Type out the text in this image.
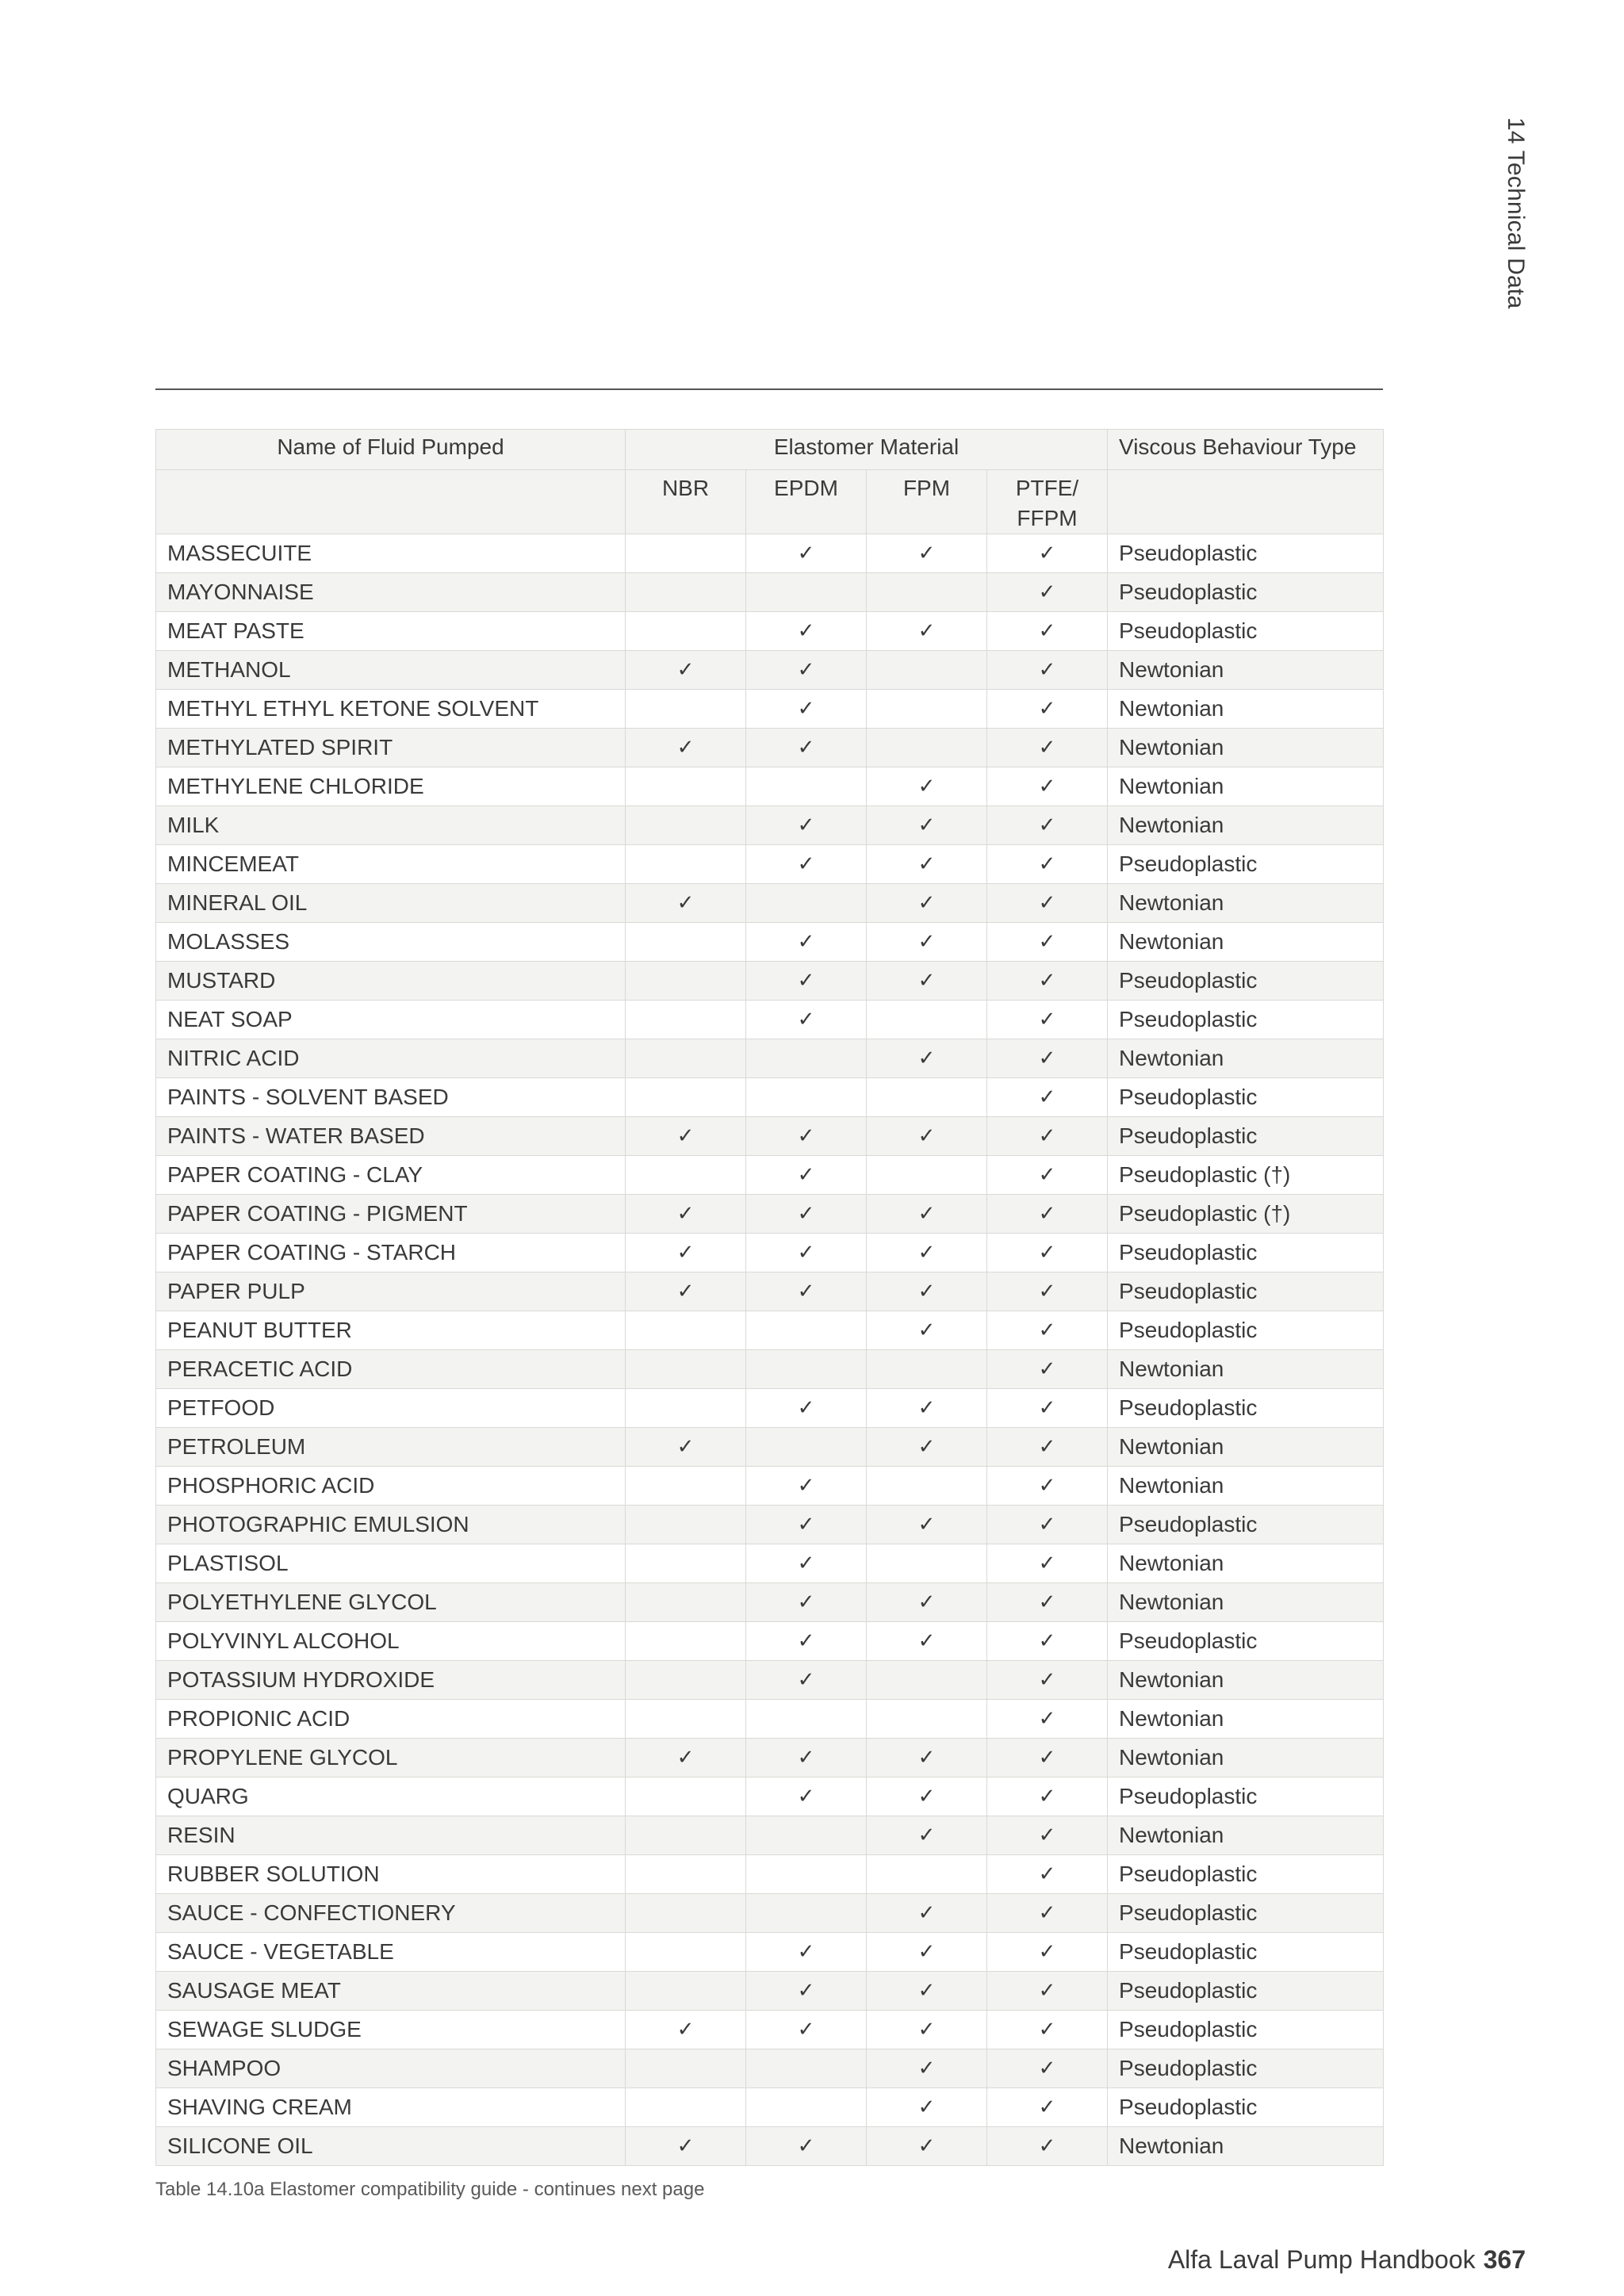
14 Technical Data
Name of Fluid Pumped	Elastomer Material				Viscous Behaviour Type
	NBR	EPDM	FPM	PTFE/ FFPM	
MASSECUITE		✓	✓	✓	Pseudoplastic
MAYONNAISE				✓	Pseudoplastic
MEAT PASTE		✓	✓	✓	Pseudoplastic
METHANOL	✓	✓		✓	Newtonian
METHYL ETHYL KETONE SOLVENT		✓		✓	Newtonian
METHYLATED SPIRIT	✓	✓		✓	Newtonian
METHYLENE CHLORIDE			✓	✓	Newtonian
MILK		✓	✓	✓	Newtonian
MINCEMEAT		✓	✓	✓	Pseudoplastic
MINERAL OIL	✓		✓	✓	Newtonian
MOLASSES		✓	✓	✓	Newtonian
MUSTARD		✓	✓	✓	Pseudoplastic
NEAT SOAP		✓		✓	Pseudoplastic
NITRIC ACID			✓	✓	Newtonian
PAINTS - SOLVENT BASED				✓	Pseudoplastic
PAINTS - WATER BASED	✓	✓	✓	✓	Pseudoplastic
PAPER COATING - CLAY		✓		✓	Pseudoplastic (†)
PAPER COATING - PIGMENT	✓	✓	✓	✓	Pseudoplastic (†)
PAPER COATING - STARCH	✓	✓	✓	✓	Pseudoplastic
PAPER PULP	✓	✓	✓	✓	Pseudoplastic
PEANUT BUTTER			✓	✓	Pseudoplastic
PERACETIC ACID				✓	Newtonian
PETFOOD		✓	✓	✓	Pseudoplastic
PETROLEUM	✓		✓	✓	Newtonian
PHOSPHORIC ACID		✓		✓	Newtonian
PHOTOGRAPHIC EMULSION		✓	✓	✓	Pseudoplastic
PLASTISOL		✓		✓	Newtonian
POLYETHYLENE GLYCOL		✓	✓	✓	Newtonian
POLYVINYL ALCOHOL		✓	✓	✓	Pseudoplastic
POTASSIUM HYDROXIDE		✓		✓	Newtonian
PROPIONIC ACID				✓	Newtonian
PROPYLENE GLYCOL	✓	✓	✓	✓	Newtonian
QUARG		✓	✓	✓	Pseudoplastic
RESIN			✓	✓	Newtonian
RUBBER SOLUTION				✓	Pseudoplastic
SAUCE - CONFECTIONERY			✓	✓	Pseudoplastic
SAUCE - VEGETABLE		✓	✓	✓	Pseudoplastic
SAUSAGE MEAT		✓	✓	✓	Pseudoplastic
SEWAGE SLUDGE	✓	✓	✓	✓	Pseudoplastic
SHAMPOO			✓	✓	Pseudoplastic
SHAVING CREAM			✓	✓	Pseudoplastic
SILICONE OIL	✓	✓	✓	✓	Newtonian
Table 14.10a Elastomer compatibility guide - continues next page
Alfa Laval Pump Handbook 367
